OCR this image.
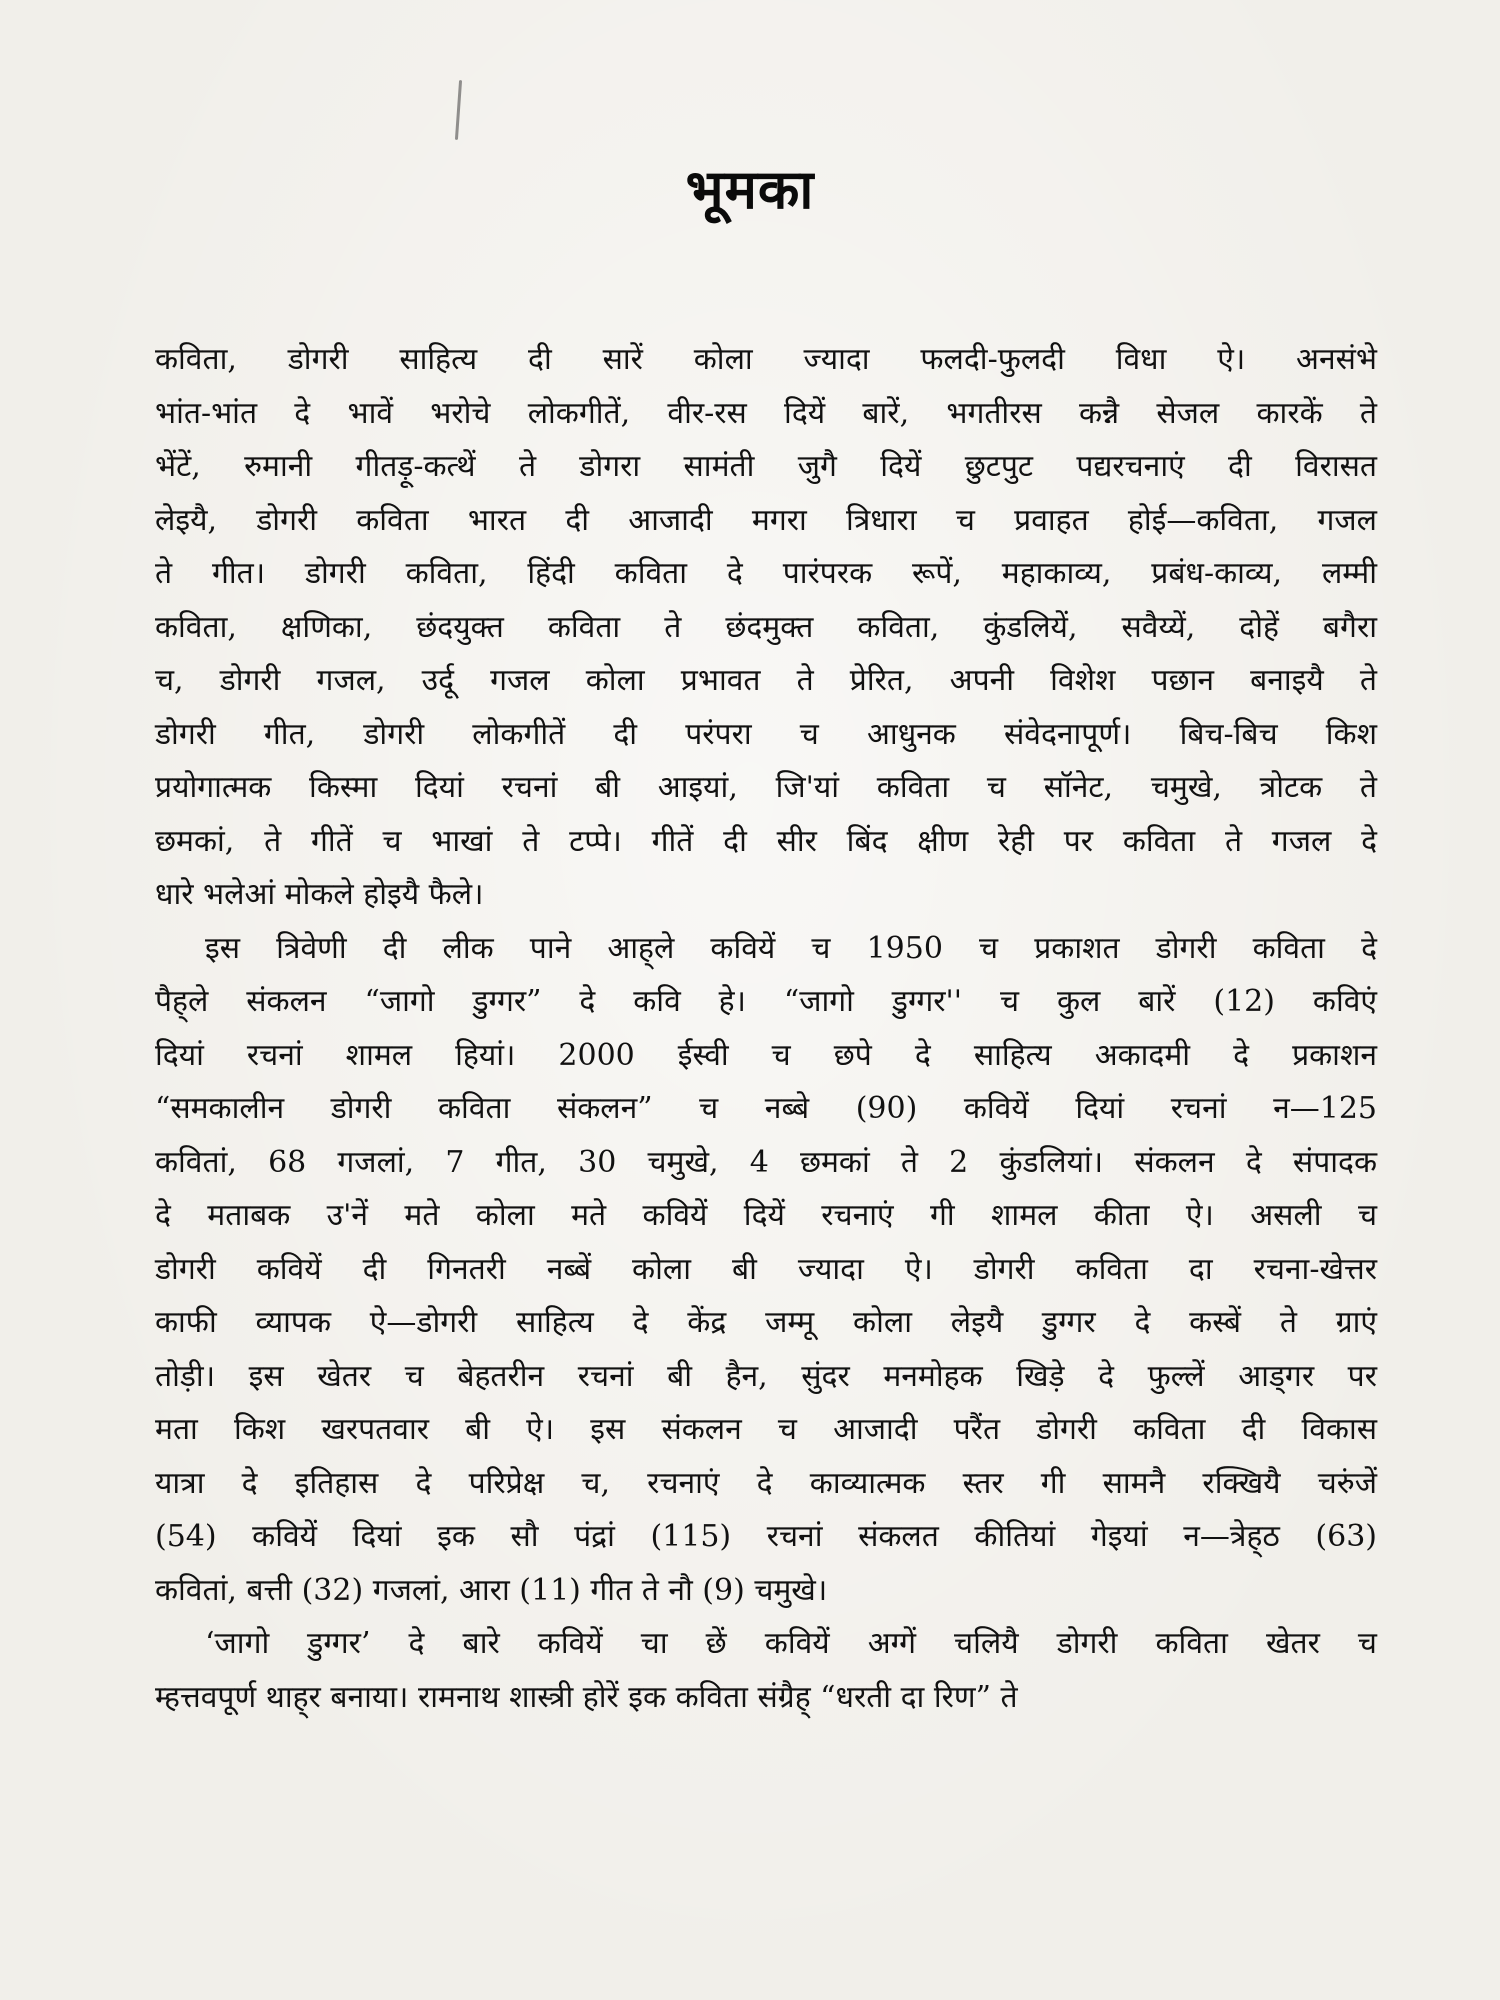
भूमका

कविता, डोगरी साहित्य दी सारें कोला ज्यादा फलदी-फुलदी विधा ऐ। अनसंभे
भांत-भांत दे भावें भरोचे लोकगीतें, वीर-रस दियें बारें, भगतीरस कन्नै सेजल कारकें ते
भेंटें, रुमानी गीतड़ू-कत्थें ते डोगरा सामंती जुगै दियें छुटपुट पद्यरचनाएं दी विरासत
लेइयै, डोगरी कविता भारत दी आजादी मगरा त्रिधारा च प्रवाहत होई—कविता, गजल
ते गीत। डोगरी कविता, हिंदी कविता दे पारंपरक रूपें, महाकाव्य, प्रबंध-काव्य, लम्मी
कविता, क्षणिका, छंदयुक्त कविता ते छंदमुक्त कविता, कुंडलियें, सवैय्यें, दोहें बगैरा
च, डोगरी गजल, उर्दू गजल कोला प्रभावत ते प्रेरित, अपनी विशेश पछान बनाइयै ते
डोगरी गीत, डोगरी लोकगीतें दी परंपरा च आधुनक संवेदनापूर्ण। बिच-बिच किश
प्रयोगात्मक किस्मा दियां रचनां बी आइयां, जि'यां कविता च सॉनेट, चमुखे, त्रोटक ते
छमकां, ते गीतें च भाखां ते टप्पे। गीतें दी सीर बिंद क्षीण रेही पर कविता ते गजल दे
धारे भलेआं मोकले होइयै फैले।

इस त्रिवेणी दी लीक पाने आह्‌ले कवियें च 1950 च प्रकाशत डोगरी कविता दे
पैह्‌ले संकलन “जागो डुग्गर” दे कवि हे। “जागो डुग्गर'' च कुल बारें (12) कविएं
दियां रचनां शामल हियां। 2000 ईस्वी च छपे दे साहित्य अकादमी दे प्रकाशन
“समकालीन डोगरी कविता संकलन” च नब्बे (90) कवियें दियां रचनां न—125
कवितां, 68 गजलां, 7 गीत, 30 चमुखे, 4 छमकां ते 2 कुंडलियां। संकलन दे संपादक
दे मताबक उ'नें मते कोला मते कवियें दियें रचनाएं गी शामल कीता ऐ। असली च
डोगरी कवियें दी गिनतरी नब्बें कोला बी ज्यादा ऐ। डोगरी कविता दा रचना-खेत्तर
काफी व्यापक ऐ—डोगरी साहित्य दे केंद्र जम्मू कोला लेइयै डुग्गर दे कस्बें ते ग्राएं
तोड़ी। इस खेतर च बेहतरीन रचनां बी हैन, सुंदर मनमोहक खिड़े दे फुल्लें आड्गर पर
मता किश खरपतवार बी ऐ। इस संकलन च आजादी परैंत डोगरी कविता दी विकास
यात्रा दे इतिहास दे परिप्रेक्ष च, रचनाएं दे काव्यात्मक स्तर गी सामनै रक्खियै चरुंजें
(54) कवियें दियां इक सौ पंद्रां (115) रचनां संकलत कीतियां गेइयां न—त्रेह्‌ठ (63)
कवितां, बत्ती (32) गजलां, आरा (11) गीत ते नौ (9) चमुखे।

‘जागो डुग्गर’ दे बारे कवियें चा छें कवियें अग्गें चलियै डोगरी कविता खेतर च
म्हत्तवपूर्ण थाह्‌र बनाया। रामनाथ शास्त्री होरें इक कविता संग्रैह्‌ “धरती दा रिण” ते
